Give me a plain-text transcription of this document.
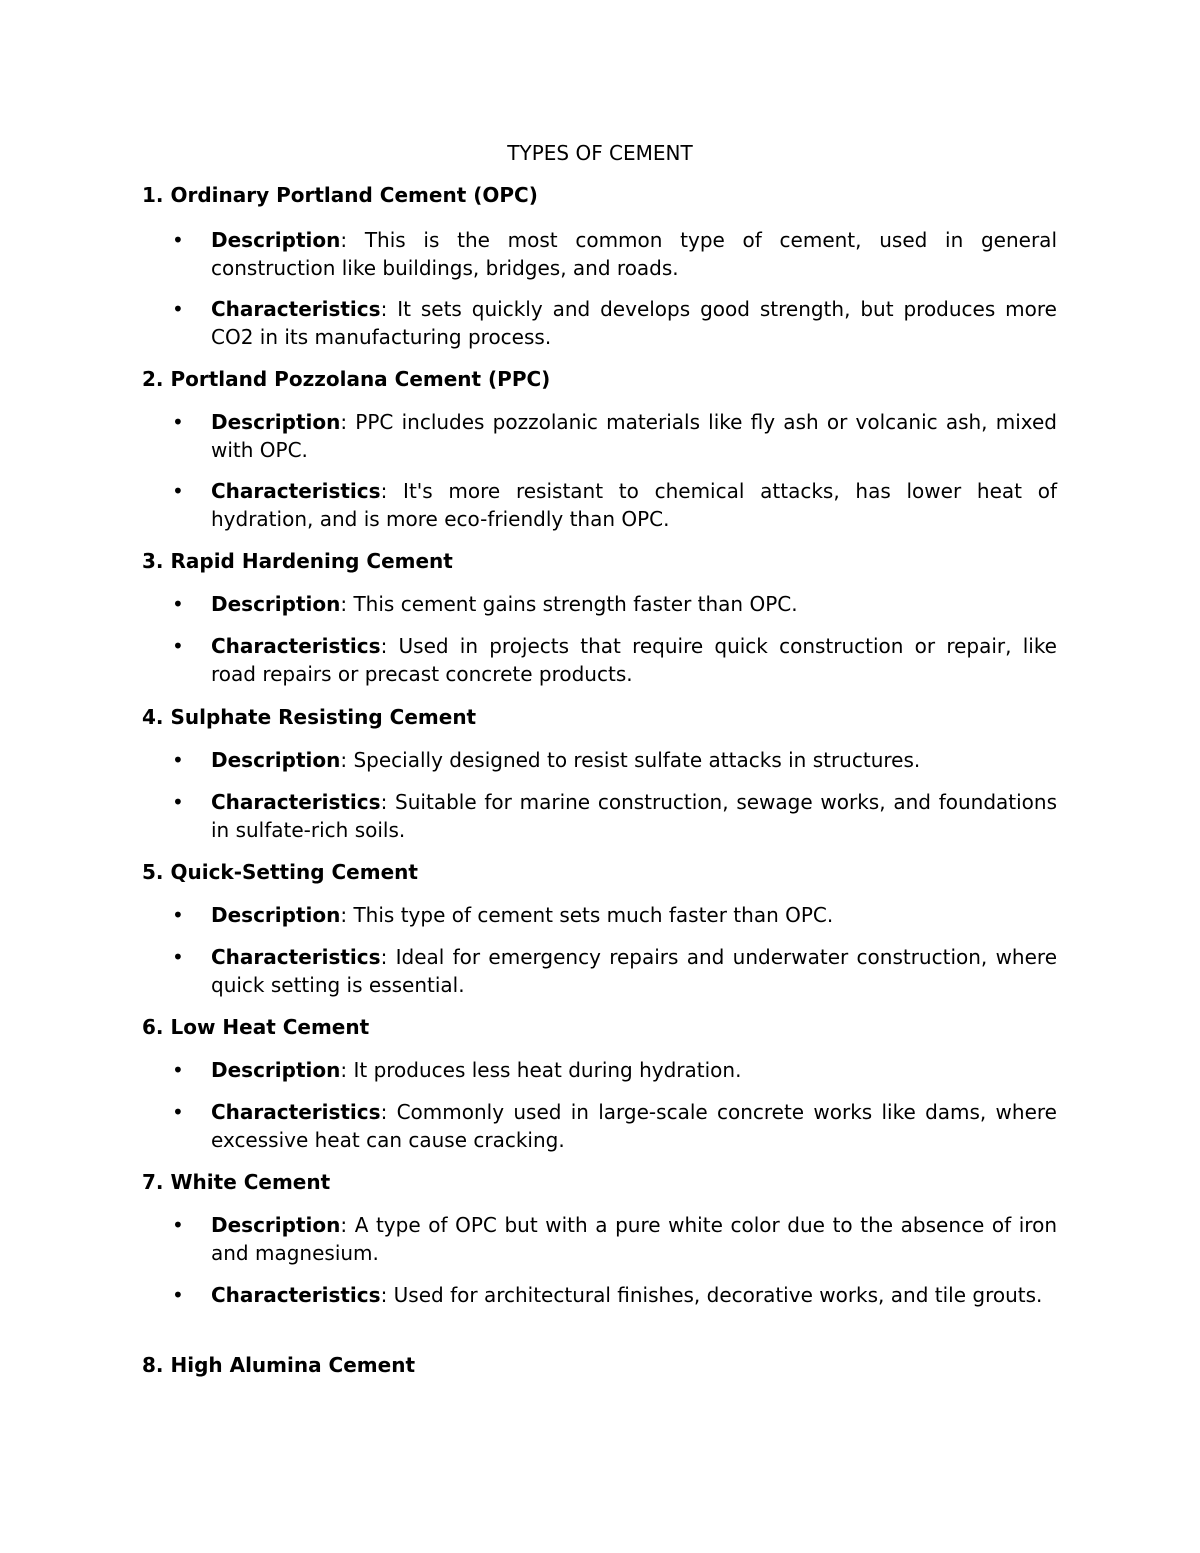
TYPES OF CEMENT
1. Ordinary Portland Cement (OPC)
• Description: This is the most common type of cement, used in general construction like buildings, bridges, and roads.
• Characteristics: It sets quickly and develops good strength, but produces more CO2 in its manufacturing process.
2. Portland Pozzolana Cement (PPC)
• Description: PPC includes pozzolanic materials like fly ash or volcanic ash, mixed with OPC.
• Characteristics: It's more resistant to chemical attacks, has lower heat of hydration, and is more eco-friendly than OPC.
3. Rapid Hardening Cement
• Description: This cement gains strength faster than OPC.
• Characteristics: Used in projects that require quick construction or repair, like road repairs or precast concrete products.
4. Sulphate Resisting Cement
• Description: Specially designed to resist sulfate attacks in structures.
• Characteristics: Suitable for marine construction, sewage works, and foundations in sulfate-rich soils.
5. Quick-Setting Cement
• Description: This type of cement sets much faster than OPC.
• Characteristics: Ideal for emergency repairs and underwater construction, where quick setting is essential.
6. Low Heat Cement
• Description: It produces less heat during hydration.
• Characteristics: Commonly used in large-scale concrete works like dams, where excessive heat can cause cracking.
7. White Cement
• Description: A type of OPC but with a pure white color due to the absence of iron and magnesium.
• Characteristics: Used for architectural finishes, decorative works, and tile grouts.
8. High Alumina Cement
